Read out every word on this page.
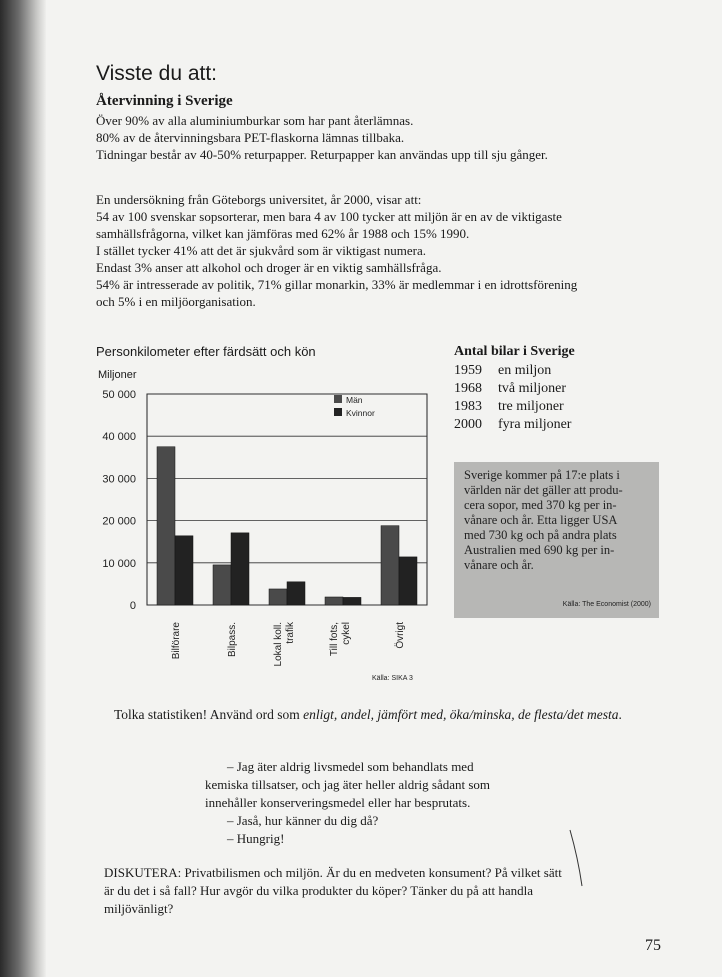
Visste du att:
Återvinning i Sverige
Över 90% av alla aluminiumburkar som har pant återlämnas.
80% av de återvinningsbara PET-flaskorna lämnas tillbaka.
Tidningar består av 40-50% returpapper. Returpapper kan användas upp till sju gånger.
En undersökning från Göteborgs universitet, år 2000, visar att:
54 av 100 svenskar sopsorterar, men bara 4 av 100 tycker att miljön är en av de viktigaste
samhällsfrågorna, vilket kan jämföras med 62% år 1988 och 15% 1990.
I stället tycker 41% att det är sjukvård som är viktigast numera.
Endast 3% anser att alkohol och droger är en viktig samhällsfråga.
54% är intresserade av politik, 71% gillar monarkin, 33% är medlemmar i en idrottsförening
och 5% i en miljöorganisation.
Personkilometer efter färdsätt och kön
Miljoner
0
10 000
20 000
30 000
40 000
50 000
Bilförare	Bilpass.	Lokal koll.trafik	Till fots,cykel	Övrigt
Män
Kvinnor
Källa: SIKA 3
Antal bilar i Sverige
1959	en miljon
1968	två miljoner
1983	tre miljoner
2000	fyra miljoner
Sverige kommer på 17:e plats i
världen när det gäller att produ-
cera sopor, med 370 kg per in-
vånare och år. Etta ligger USA
med 730 kg och på andra plats
Australien med 690 kg per in-
vånare och år.
Källa: The Economist (2000)
Tolka statistiken! Använd ord som enligt, andel, jämfört med, öka/minska, de flesta/det mesta.
– Jag äter aldrig livsmedel som behandlats med
kemiska tillsatser, och jag äter heller aldrig sådant som
innehåller konserveringsmedel eller har besprutats.
– Jaså, hur känner du dig då?
– Hungrig!
DISKUTERA: Privatbilismen och miljön. Är du en medveten konsument? På vilket sätt
är du det i så fall? Hur avgör du vilka produkter du köper? Tänker du på att handla
miljövänligt?
75
